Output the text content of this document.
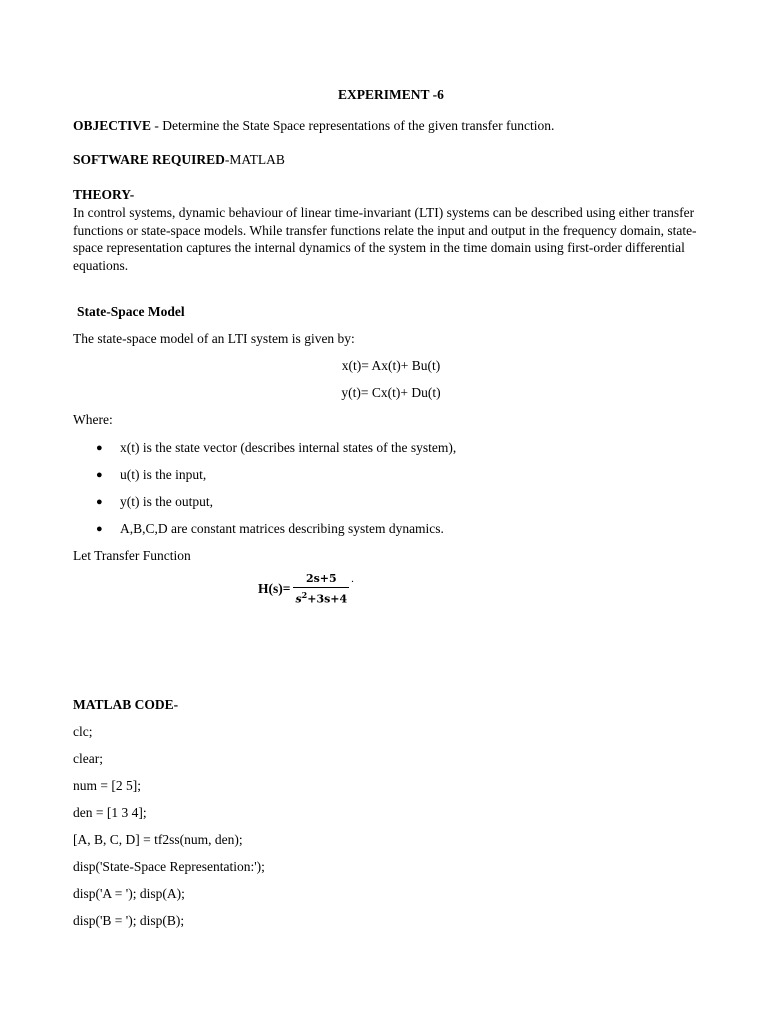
EXPERIMENT -6
OBJECTIVE - Determine the State Space representations of the given transfer function.
SOFTWARE REQUIRED-MATLAB
THEORY-
In control systems, dynamic behaviour of linear time-invariant (LTI) systems can be described using either transfer functions or state-space models. While transfer functions relate the input and output in the frequency domain, state-space representation captures the internal dynamics of the system in the time domain using first-order differential equations.
State-Space Model
The state-space model of an LTI system is given by:
x(t)= Ax(t)+ Bu(t)
y(t)= Cx(t)+ Du(t)
Where:
● x(t) is the state vector (describes internal states of the system),
● u(t) is the input,
● y(t) is the output,
● A,B,C,D are constant matrices describing system dynamics.
Let Transfer Function
$H(s)= \frac{2s+5}{s^2+3s+4}$ .
MATLAB CODE-
clc;
clear;
num = [2 5];
den = [1 3 4];
[A, B, C, D] = tf2ss(num, den);
disp('State-Space Representation:');
disp('A = '); disp(A);
disp('B = '); disp(B);
